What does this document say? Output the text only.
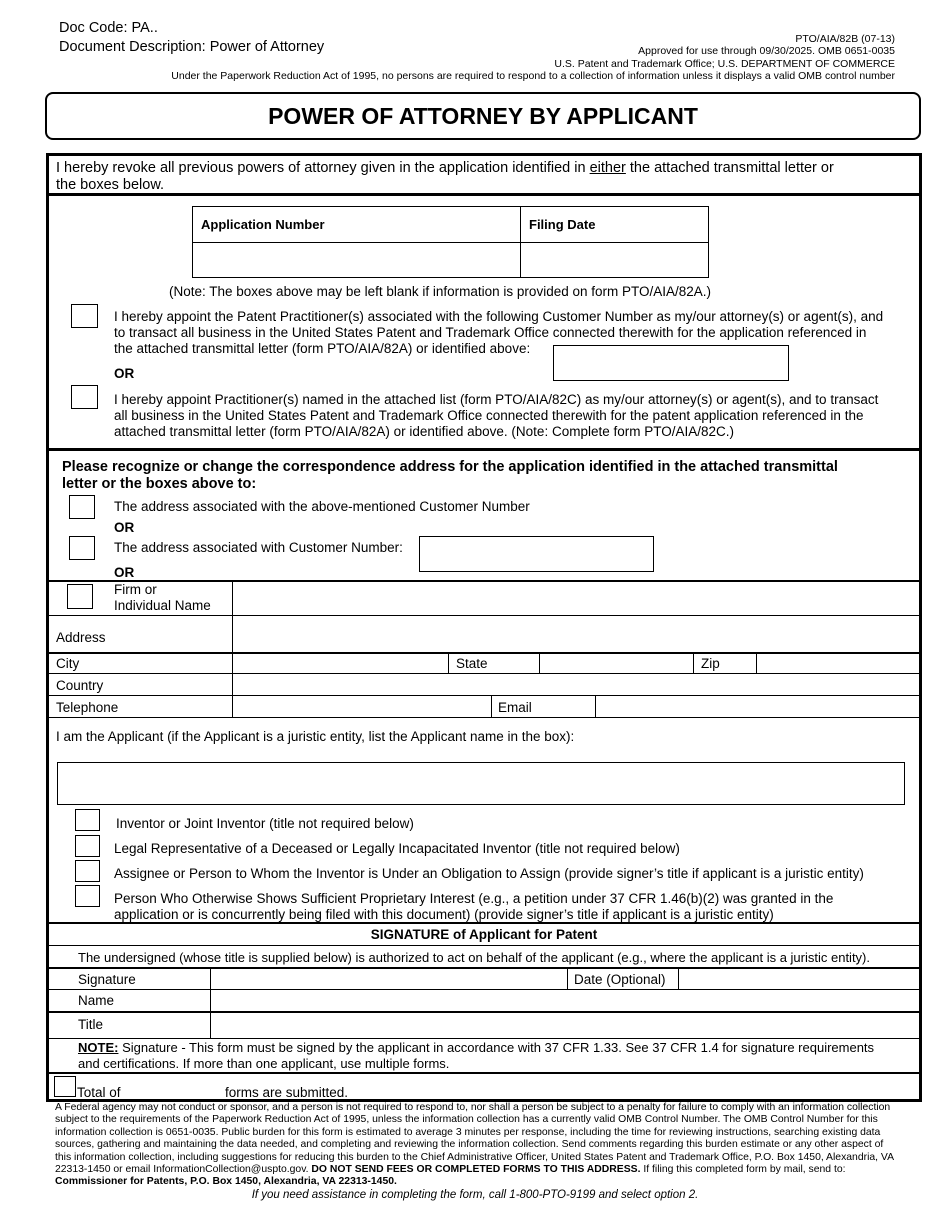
Doc Code: PA..
Document Description: Power of Attorney	PTO/AIA/82B (07-13)
Approved for use through 09/30/2025. OMB 0651-0035
U.S. Patent and Trademark Office; U.S. DEPARTMENT OF COMMERCE
Under the Paperwork Reduction Act of 1995, no persons are required to respond to a collection of information unless it displays a valid OMB control number
POWER OF ATTORNEY BY APPLICANT
I hereby revoke all previous powers of attorney given in the application identified in either the attached transmittal letter or
the boxes below.
Application Number	Filing Date
(Note: The boxes above may be left blank if information is provided on form PTO/AIA/82A.)
I hereby appoint the Patent Practitioner(s) associated with the following Customer Number as my/our attorney(s) or agent(s), and
to transact all business in the United States Patent and Trademark Office connected therewith for the application referenced in
the attached transmittal letter (form PTO/AIA/82A) or identified above:
OR
I hereby appoint Practitioner(s) named in the attached list (form PTO/AIA/82C) as my/our attorney(s) or agent(s), and to transact
all business in the United States Patent and Trademark Office connected therewith for the patent application referenced in the
attached transmittal letter (form PTO/AIA/82A) or identified above. (Note: Complete form PTO/AIA/82C.)
Please recognize or change the correspondence address for the application identified in the attached transmittal
letter or the boxes above to:
The address associated with the above-mentioned Customer Number
OR
The address associated with Customer Number:
OR
Firm or
Individual Name
Address
City	State	Zip
Country
Telephone	Email
I am the Applicant (if the Applicant is a juristic entity, list the Applicant name in the box):
Inventor or Joint Inventor (title not required below)
Legal Representative of a Deceased or Legally Incapacitated Inventor (title not required below)
Assignee or Person to Whom the Inventor is Under an Obligation to Assign (provide signer’s title if applicant is a juristic entity)
Person Who Otherwise Shows Sufficient Proprietary Interest (e.g., a petition under 37 CFR 1.46(b)(2) was granted in the
application or is concurrently being filed with this document) (provide signer’s title if applicant is a juristic entity)
SIGNATURE of Applicant for Patent
The undersigned (whose title is supplied below) is authorized to act on behalf of the applicant (e.g., where the applicant is a juristic entity).
Signature	Date (Optional)
Name
Title
NOTE: Signature - This form must be signed by the applicant in accordance with 37 CFR 1.33. See 37 CFR 1.4 for signature requirements
and certifications. If more than one applicant, use multiple forms.
Total of	forms are submitted.
A Federal agency may not conduct or sponsor, and a person is not required to respond to, nor shall a person be subject to a penalty for failure to comply with an information collection subject to the requirements of the Paperwork Reduction Act of 1995, unless the information collection has a currently valid OMB Control Number. The OMB Control Number for this information collection is 0651-0035. Public burden for this form is estimated to average 3 minutes per response, including the time for reviewing instructions, searching existing data sources, gathering and maintaining the data needed, and completing and reviewing the information collection. Send comments regarding this burden estimate or any other aspect of this information collection, including suggestions for reducing this burden to the Chief Administrative Officer, United States Patent and Trademark Office, P.O. Box 1450, Alexandria, VA 22313-1450 or email InformationCollection@uspto.gov. DO NOT SEND FEES OR COMPLETED FORMS TO THIS ADDRESS. If filing this completed form by mail, send to: Commissioner for Patents, P.O. Box 1450, Alexandria, VA 22313-1450.
If you need assistance in completing the form, call 1-800-PTO-9199 and select option 2.
